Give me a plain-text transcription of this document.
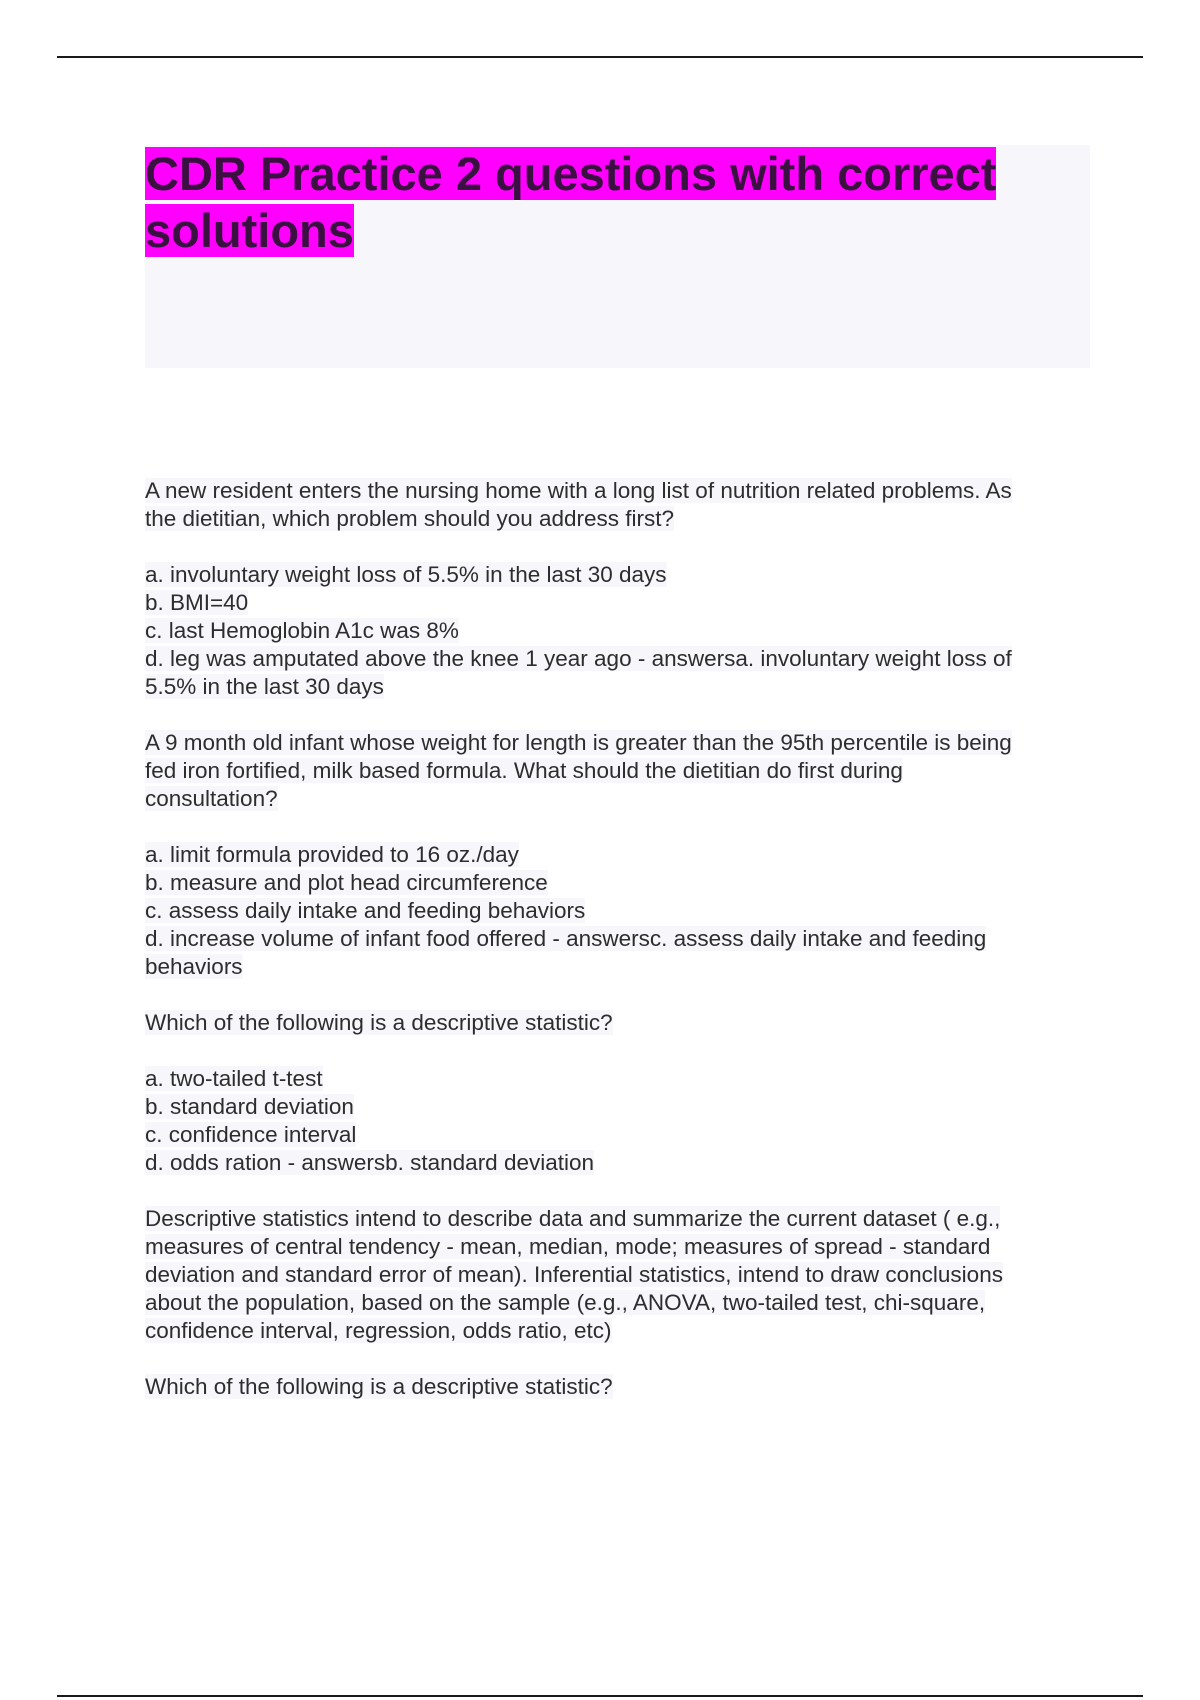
CDR Practice 2 questions with correct solutions
A new resident enters the nursing home with a long list of nutrition related problems. As
the dietitian, which problem should you address first?
a. involuntary weight loss of 5.5% in the last 30 days
b. BMI=40
c. last Hemoglobin A1c was 8%
d. leg was amputated above the knee 1 year ago - answersa. involuntary weight loss of
5.5% in the last 30 days
A 9 month old infant whose weight for length is greater than the 95th percentile is being
fed iron fortified, milk based formula. What should the dietitian do first during
consultation?
a. limit formula provided to 16 oz./day
b. measure and plot head circumference
c. assess daily intake and feeding behaviors
d. increase volume of infant food offered - answersc. assess daily intake and feeding
behaviors
Which of the following is a descriptive statistic?
a. two-tailed t-test
b. standard deviation
c. confidence interval
d. odds ration - answersb. standard deviation
Descriptive statistics intend to describe data and summarize the current dataset ( e.g.,
measures of central tendency - mean, median, mode; measures of spread - standard
deviation and standard error of mean). Inferential statistics, intend to draw conclusions
about the population, based on the sample (e.g., ANOVA, two-tailed test, chi-square,
confidence interval, regression, odds ratio, etc)
Which of the following is a descriptive statistic?
